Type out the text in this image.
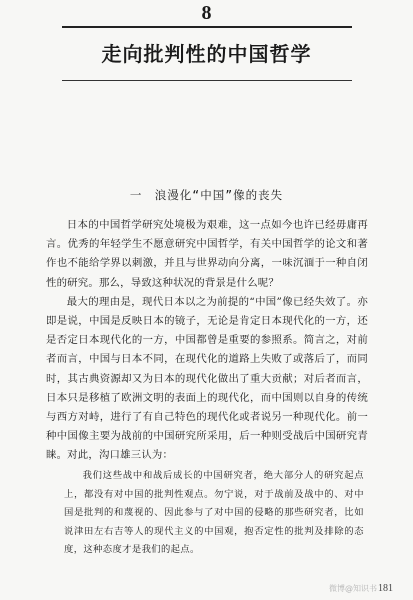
8
走向批判性的中国哲学
一　浪漫化“中国”像的丧失

日本的中国哲学研究处境极为艰难，这一点如今也许已经毋庸再言。优秀的年轻学生不愿意研究中国哲学，有关中国哲学的论文和著作也不能给学界以刺激，并且与世界动向分离，一味沉湎于一种自闭性的研究。那么，导致这种状况的背景是什么呢？

最大的理由是，现代日本以之为前提的“中国”像已经失效了。亦即是说，中国是反映日本的镜子，无论是肯定日本现代化的一方，还是否定日本现代化的一方，中国都曾是重要的参照系。简言之，对前者而言，中国与日本不同，在现代化的道路上失败了或落后了，而同时，其古典资源却又为日本的现代化做出了重大贡献；对后者而言，日本只是移植了欧洲文明的表面上的现代化，而中国则以自身的传统与西方对峙，进行了有自己特色的现代化或者说另一种现代化。前一种中国像主要为战前的中国研究所采用，后一种则受战后中国研究青睐。对此，沟口雄三认为：

我们这些战中和战后成长的中国研究者，绝大部分人的研究起点上，都没有对中国的批判性观点。勿宁说，对于战前及战中的、对中国是批判的和蔑视的、因此参与了对中国的侵略的那些研究者，比如说津田左右吉等人的现代主义的中国观，抱否定性的批判及排除的态度，这种态度才是我们的起点。

微博@知识书 181
